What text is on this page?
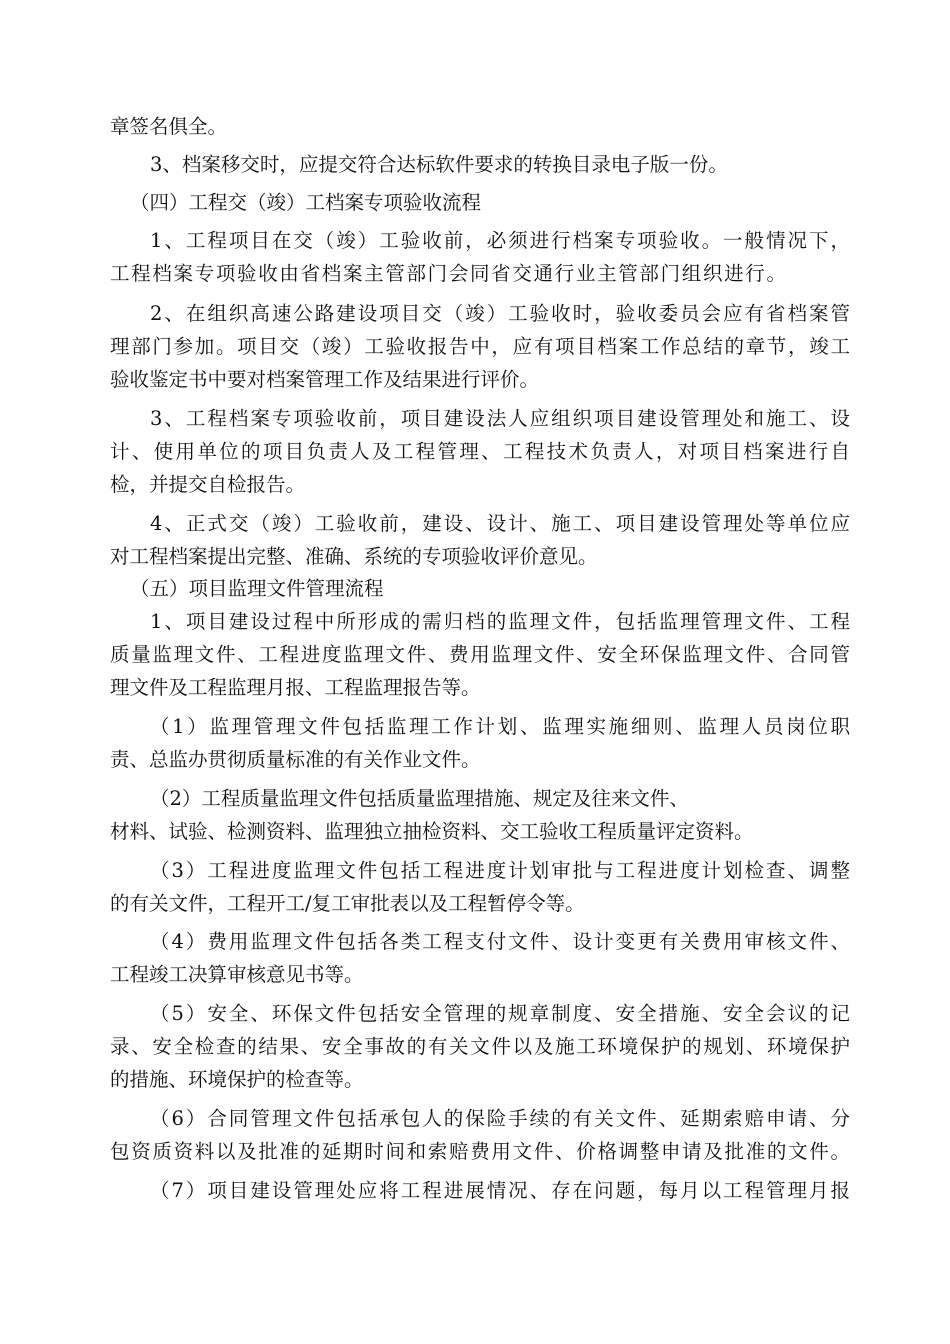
章签名俱全。
3、档案移交时，应提交符合达标软件要求的转换目录电子版一份。
（四）工程交（竣）工档案专项验收流程
1、工程项目在交（竣）工验收前，必须进行档案专项验收。一般情况下，
工程档案专项验收由省档案主管部门会同省交通行业主管部门组织进行。
2、在组织高速公路建设项目交（竣）工验收时，验收委员会应有省档案管
理部门参加。项目交（竣）工验收报告中，应有项目档案工作总结的章节，竣工
验收鉴定书中要对档案管理工作及结果进行评价。
3、工程档案专项验收前，项目建设法人应组织项目建设管理处和施工、设
计、使用单位的项目负责人及工程管理、工程技术负责人，对项目档案进行自
检，并提交自检报告。
4、正式交（竣）工验收前，建设、设计、施工、项目建设管理处等单位应
对工程档案提出完整、准确、系统的专项验收评价意见。
（五）项目监理文件管理流程
1、项目建设过程中所形成的需归档的监理文件，包括监理管理文件、工程
质量监理文件、工程进度监理文件、费用监理文件、安全环保监理文件、合同管
理文件及工程监理月报、工程监理报告等。
（1）监理管理文件包括监理工作计划、监理实施细则、监理人员岗位职
责、总监办贯彻质量标准的有关作业文件。
（2）工程质量监理文件包括质量监理措施、规定及往来文件、
材料、试验、检测资料、监理独立抽检资料、交工验收工程质量评定资料。
（3）工程进度监理文件包括工程进度计划审批与工程进度计划检查、调整
的有关文件，工程开工/复工审批表以及工程暂停令等。
（4）费用监理文件包括各类工程支付文件、设计变更有关费用审核文件、
工程竣工决算审核意见书等。
（5）安全、环保文件包括安全管理的规章制度、安全措施、安全会议的记
录、安全检查的结果、安全事故的有关文件以及施工环境保护的规划、环境保护
的措施、环境保护的检查等。
（6）合同管理文件包括承包人的保险手续的有关文件、延期索赔申请、分
包资质资料以及批准的延期时间和索赔费用文件、价格调整申请及批准的文件。
（7）项目建设管理处应将工程进展情况、存在问题，每月以工程管理月报
